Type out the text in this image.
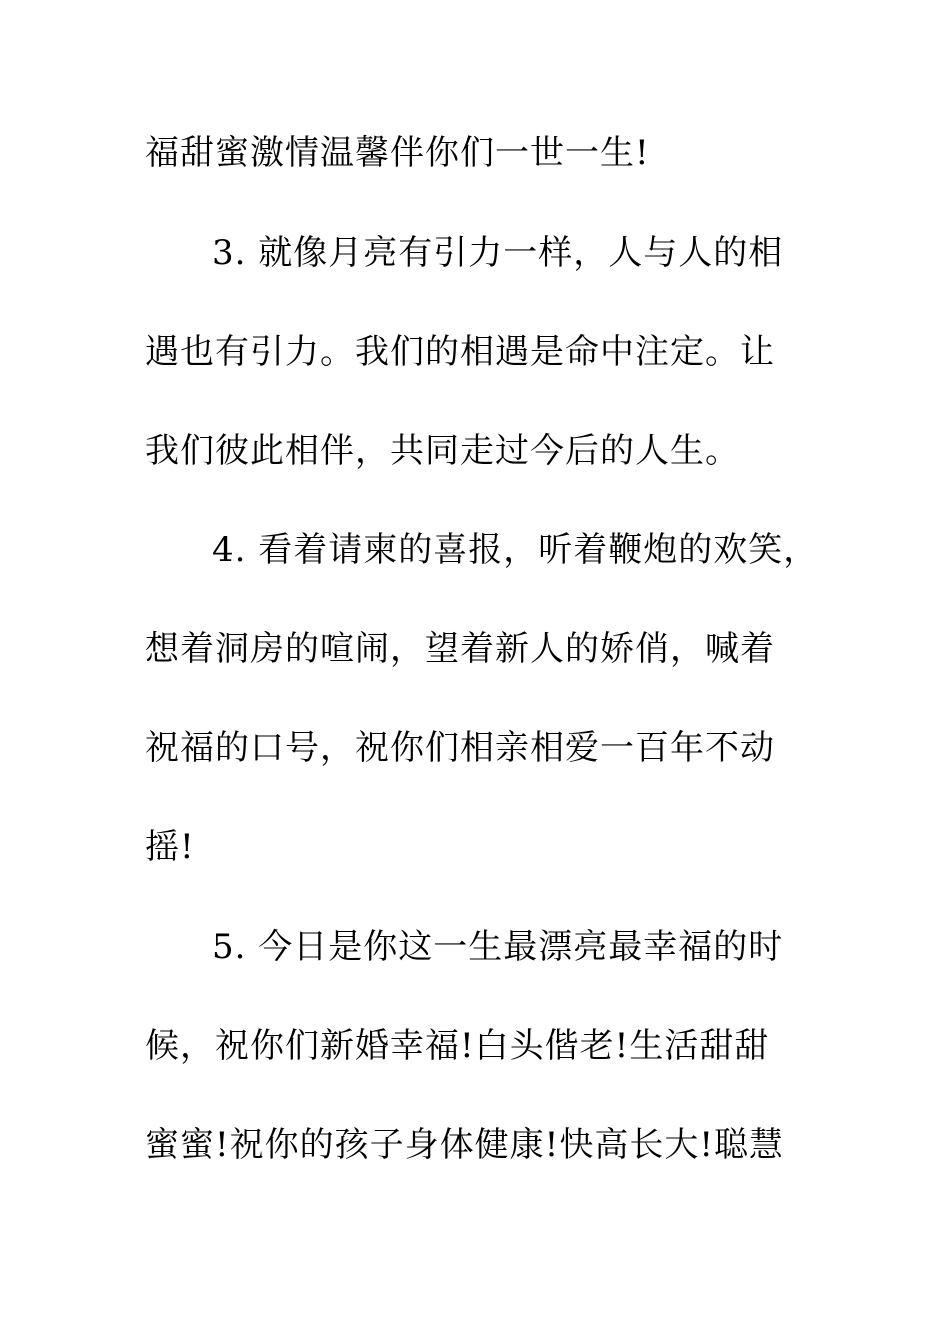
福甜蜜激情温馨伴你们一世一生!
3. 就像月亮有引力一样，人与人的相
遇也有引力。我们的相遇是命中注定。让
我们彼此相伴，共同走过今后的人生。
4. 看着请柬的喜报，听着鞭炮的欢笑，
想着洞房的喧闹，望着新人的娇俏，喊着
祝福的口号，祝你们相亲相爱一百年不动
摇!
5. 今日是你这一生最漂亮最幸福的时
候，祝你们新婚幸福!白头偕老!生活甜甜
蜜蜜!祝你的孩子身体健康!快高长大!聪慧
